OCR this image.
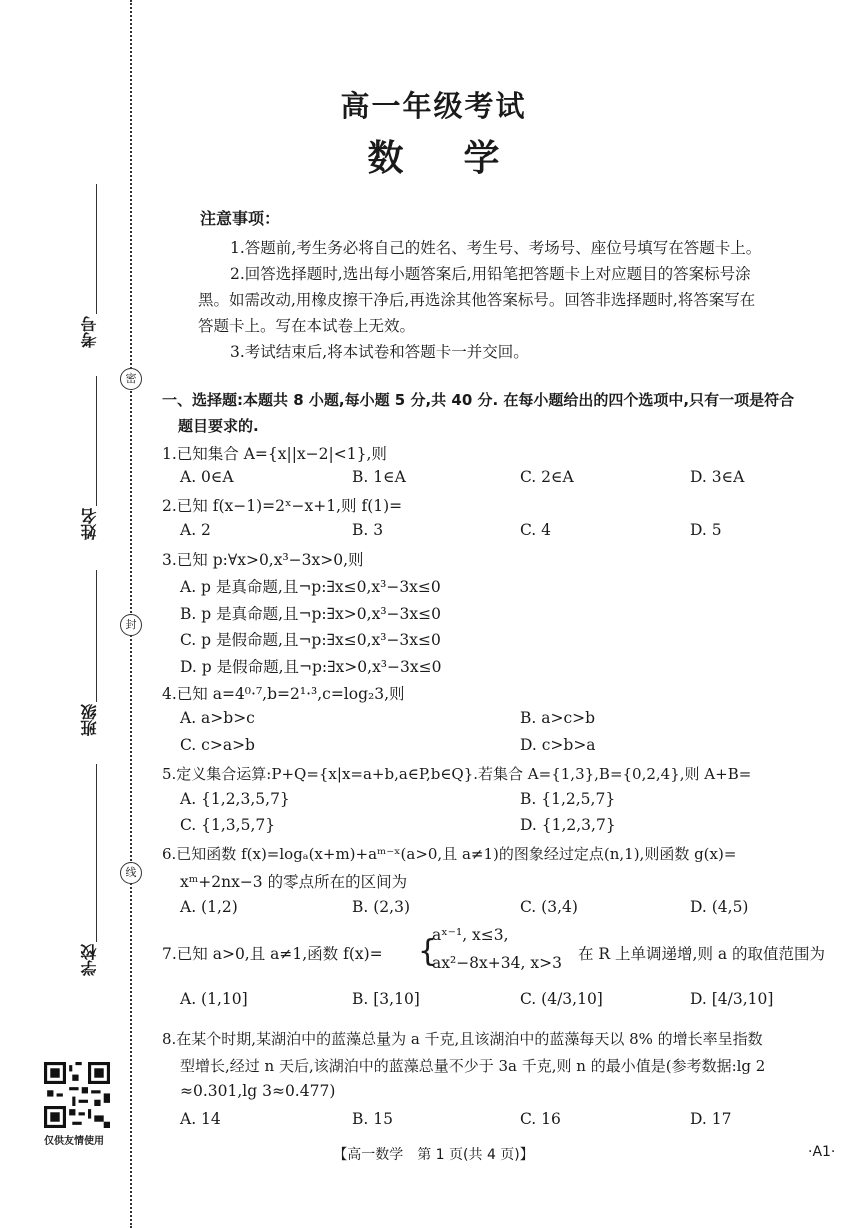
密
封
线
考号
姓名
班级
学校
仅供友情使用
高一年级考试
数学
注意事项：
1.答题前,考生务必将自己的姓名、考生号、考场号、座位号填写在答题卡上。
2.回答选择题时,选出每小题答案后,用铅笔把答题卡上对应题目的答案标号涂
黑。如需改动,用橡皮擦干净后,再选涂其他答案标号。回答非选择题时,将答案写在
答题卡上。写在本试卷上无效。
3.考试结束后,将本试卷和答题卡一并交回。
一、选择题:本题共 8 小题,每小题 5 分,共 40 分. 在每小题给出的四个选项中,只有一项是符合
题目要求的.
1.已知集合 A={x||x−2|<1},则
A. 0∈A	B. 1∈A	C. 2∈A	D. 3∈A
2.已知 f(x−1)=2ˣ−x+1,则 f(1)=
A. 2	B. 3	C. 4	D. 5
3.已知 p:∀x>0,x³−3x>0,则
A. p 是真命题,且¬p:∃x≤0,x³−3x≤0
B. p 是真命题,且¬p:∃x>0,x³−3x≤0
C. p 是假命题,且¬p:∃x≤0,x³−3x≤0
D. p 是假命题,且¬p:∃x>0,x³−3x≤0
4.已知 a=4⁰·⁷,b=2¹·³,c=log₂3,则
A. a>b>c	B. a>c>b
C. c>a>b	D. c>b>a
5.定义集合运算:P+Q={x|x=a+b,a∈P,b∈Q}.若集合 A={1,3},B={0,2,4},则 A+B=
A. {1,2,3,5,7}	B. {1,2,5,7}
C. {1,3,5,7}	D. {1,2,3,7}
6.已知函数 f(x)=logₐ(x+m)+aᵐ⁻ˣ(a>0,且 a≠1)的图象经过定点(n,1),则函数 g(x)=
xᵐ+2nx−3 的零点所在的区间为
A. (1,2)	B. (2,3)	C. (3,4)	D. (4,5)
7.已知 a>0,且 a≠1,函数 f(x)= {
aˣ⁻¹, x≤3,
ax²−8x+34, x>3 在 R 上单调递增,则 a 的取值范围为
A. (1,10]	B. [3,10]	C. (4/3,10]	D. [4/3,10]
8.在某个时期,某湖泊中的蓝藻总量为 a 千克,且该湖泊中的蓝藻每天以 8% 的增长率呈指数
型增长,经过 n 天后,该湖泊中的蓝藻总量不少于 3a 千克,则 n 的最小值是(参考数据:lg 2
≈0.301,lg 3≈0.477)
A. 14	B. 15	C. 16	D. 17
【高一数学　第 1 页(共 4 页)】	·A1·
